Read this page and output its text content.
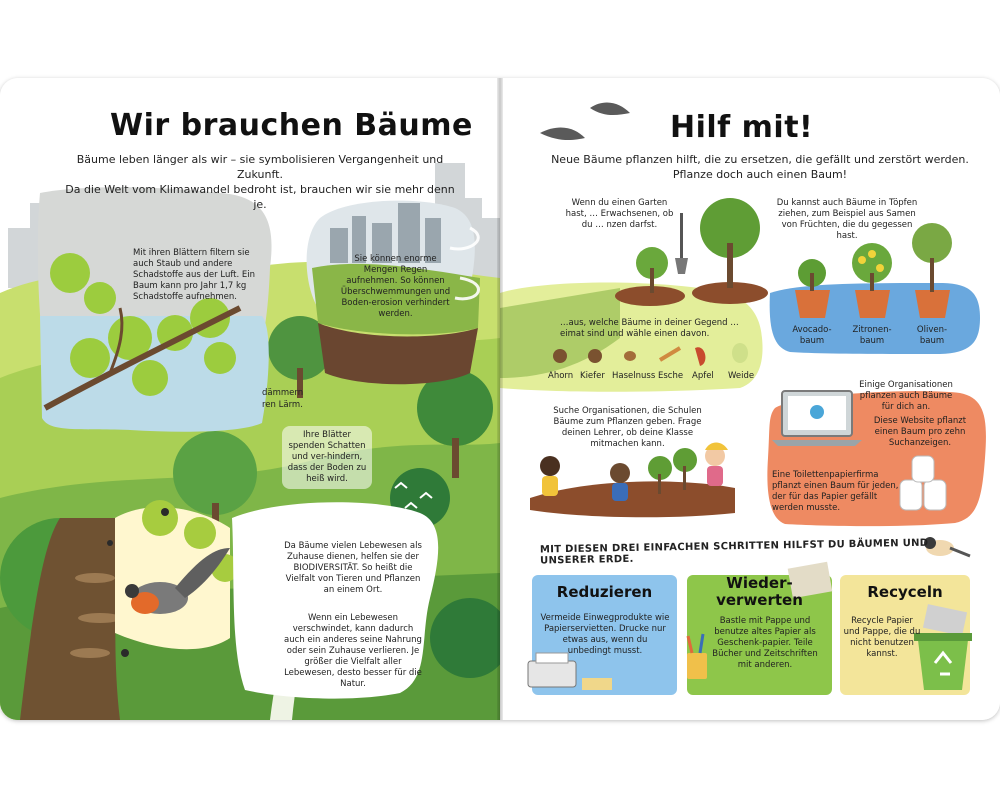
Wir brauchen Bäume
Bäume leben länger als wir – sie symbolisieren Vergangenheit und Zukunft.
Da die Welt vom Klimawandel bedroht ist, brauchen wir sie mehr denn je.
Mit ihren Blättern filtern sie auch Staub und andere Schadstoffe aus der Luft. Ein Baum kann pro Jahr 1,7 kg Schadstoffe aufnehmen.
Sie können enorme Mengen Regen aufnehmen. So können Überschwemmungen und Boden-erosion verhindert werden.
dämmern
ren Lärm.
Ihre Blätter spenden Schatten und ver-hindern, dass der Boden zu heiß wird.
Da Bäume vielen Lebewesen als Zuhause dienen, helfen sie der BIODIVERSITÄT. So heißt die Vielfalt von Tieren und Pflanzen an einem Ort.
Wenn ein Lebewesen verschwindet, kann dadurch auch ein anderes seine Nahrung oder sein Zuhause verlieren. Je größer die Vielfalt aller Lebewesen, desto besser für die Natur.
Hilf mit!
Neue Bäume pflanzen hilft, die zu ersetzen, die gefällt und zerstört werden.
Pflanze doch auch einen Baum!
Wenn du einen Garten hast, … Erwachsenen, ob du … nzen darfst.
…aus, welche Bäume in deiner Gegend …eimat sind und wähle einen davon.
Ahorn Kiefer Haselnuss Esche Apfel Weide
Du kannst auch Bäume in Töpfen ziehen, zum Beispiel aus Samen von Früchten, die du gegessen hast.
Avocado-baum
Zitronen-baum
Oliven-baum
Einige Organisationen pflanzen auch Bäume für dich an.
Diese Website pflanzt einen Baum pro zehn Suchanzeigen.
Eine Toilettenpapierfirma pflanzt einen Baum für jeden, der für das Papier gefällt werden musste.
Suche Organisationen, die Schulen Bäume zum Pflanzen geben. Frage deinen Lehrer, ob deine Klasse mitmachen kann.
MIT DIESEN DREI EINFACHEN SCHRITTEN HILFST DU BÄUMEN UND UNSERER ERDE.
Reduzieren
Vermeide Einwegprodukte wie Papierservietten. Drucke nur etwas aus, wenn du unbedingt musst.
Wieder-
verwerten
Bastle mit Pappe und benutze altes Papier als Geschenk-papier. Teile Bücher und Zeitschriften mit anderen.
Recyceln
Recycle Papier und Pappe, die du nicht benutzen kannst.
